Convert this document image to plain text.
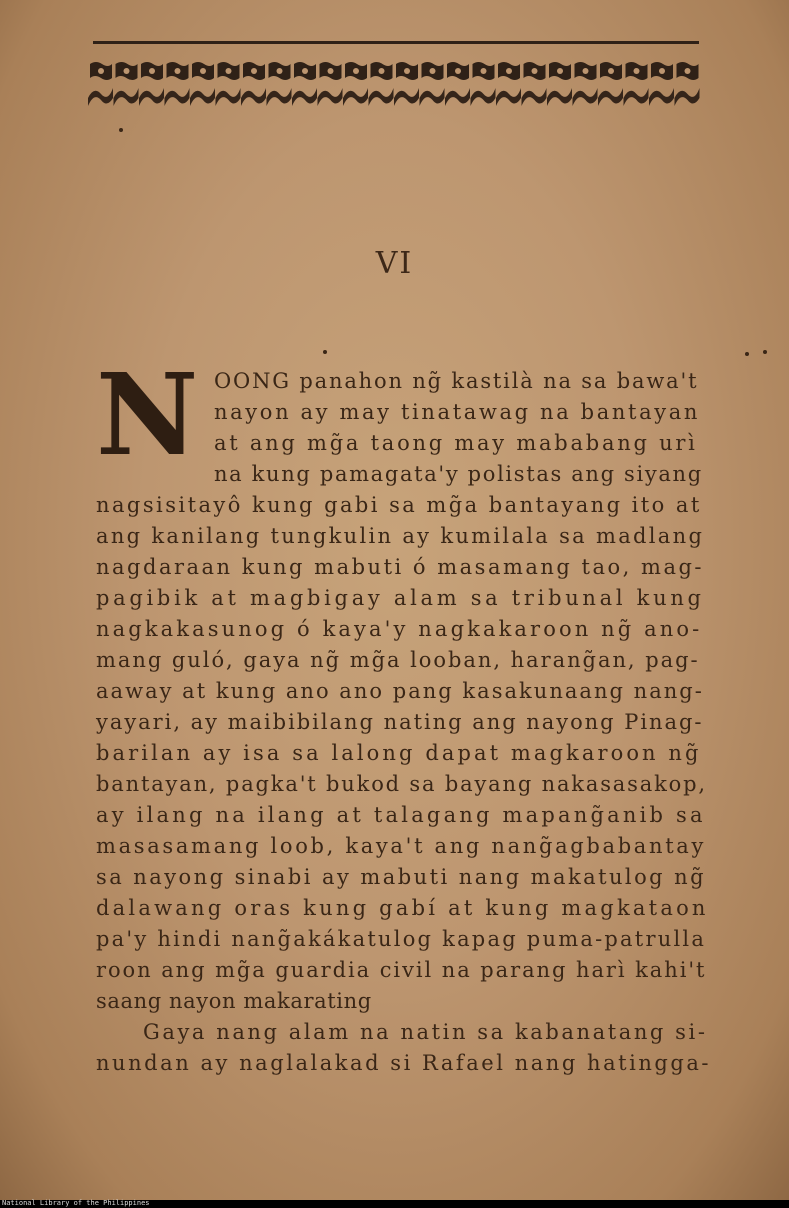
VI
N OONG panahon ng̃ kastilà na sa bawa't
nayon ay may tinatawag na bantayan
at ang mg̃a taong may mababang urì
na kung pamagata'y polistas ang siyang
nagsisitayô kung gabi sa mg̃a bantayang ito at
ang kanilang tungkulin ay kumilala sa madlang
nagdaraan kung mabuti ó masamang tao, mag-
pagibik at magbigay alam sa tribunal kung
nagkakasunog ó kaya'y nagkakaroon ng̃ ano-
mang guló, gaya ng̃ mg̃a looban, harang̃an, pag-
aaway at kung ano ano pang kasakunaang nang-
yayari, ay maibibilang nating ang nayong Pinag-
barilan ay isa sa lalong dapat magkaroon ng̃
bantayan, pagka't bukod sa bayang nakasasakop,
ay ilang na ilang at talagang mapang̃anib sa
masasamang loob, kaya't ang nang̃agbabantay
sa nayong sinabi ay mabuti nang makatulog ng̃
dalawang oras kung gabí at kung magkataon
pa'y hindi nang̃akákatulog kapag puma-patrulla
roon ang mg̃a guardia civil na parang harì kahi't
saang nayon makarating
Gaya nang alam na natin sa kabanatang si-
nundan ay naglalakad si Rafael nang hatingga-
National Library of the Philippines
